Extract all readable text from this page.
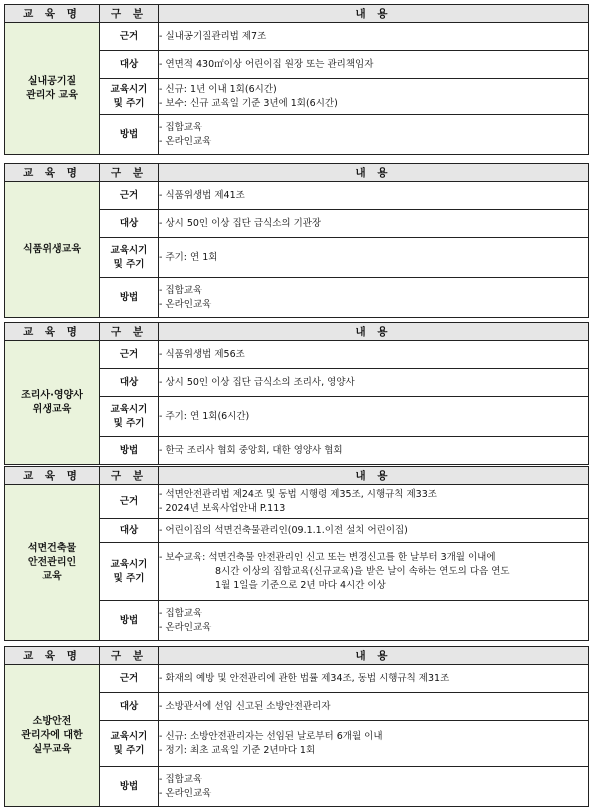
교 육 명	구 분	내 용
실내공기질
관리자 교육	근거	- 실내공기질관리법 제7조

	대상	- 연면적 430㎡이상 어린이집 원장 또는 관리책임자

	교육시기
및 주기	- 신규: 1년 이내 1회(6시간)
- 보수: 신규 교육일 기준 3년에 1회(6시간)

	방법	- 집합교육
- 온라인교육
교 육 명	구 분	내 용
식품위생교육	근거	- 식품위생법 제41조

	대상	- 상시 50인 이상 집단 급식소의 기관장

	교육시기
및 주기	- 주기: 연 1회

	방법	- 집합교육
- 온라인교육
교 육 명	구 분	내 용
조리사·영양사
위생교육	근거	- 식품위생법 제56조

	대상	- 상시 50인 이상 집단 급식소의 조리사, 영양사

	교육시기
및 주기	- 주기: 연 1회(6시간)

	방법	- 한국 조리사 협회 중앙회, 대한 영양사 협회
교 육 명	구 분	내 용
석면건축물
안전관리인
교육	근거	- 석면안전관리법 제24조 및 동법 시행령 제35조, 시행규칙 제33조
- 2024년 보육사업안내 P.113

	대상	- 어린이집의 석면건축물관리인(09.1.1.이전 설치 어린이집)

	교육시기
및 주기	- 보수교육: 석면건축물 안전관리인 신고 또는 변경신고를 한 날부터 3개월 이내에
8시간 이상의 집합교육(신규교육)을 받은 날이 속하는 연도의 다음 연도
1월 1일을 기준으로 2년 마다 4시간 이상

	방법	- 집합교육
- 온라인교육
교 육 명	구 분	내 용
소방안전
관리자에 대한
실무교육	근거	- 화재의 예방 및 안전관리에 관한 법률 제34조, 동법 시행규칙 제31조

	대상	- 소방관서에 선임 신고된 소방안전관리자

	교육시기
및 주기	- 신규: 소방안전관리자는 선임된 날로부터 6개월 이내
- 정기: 최초 교육일 기준 2년마다 1회

	방법	- 집합교육
- 온라인교육
